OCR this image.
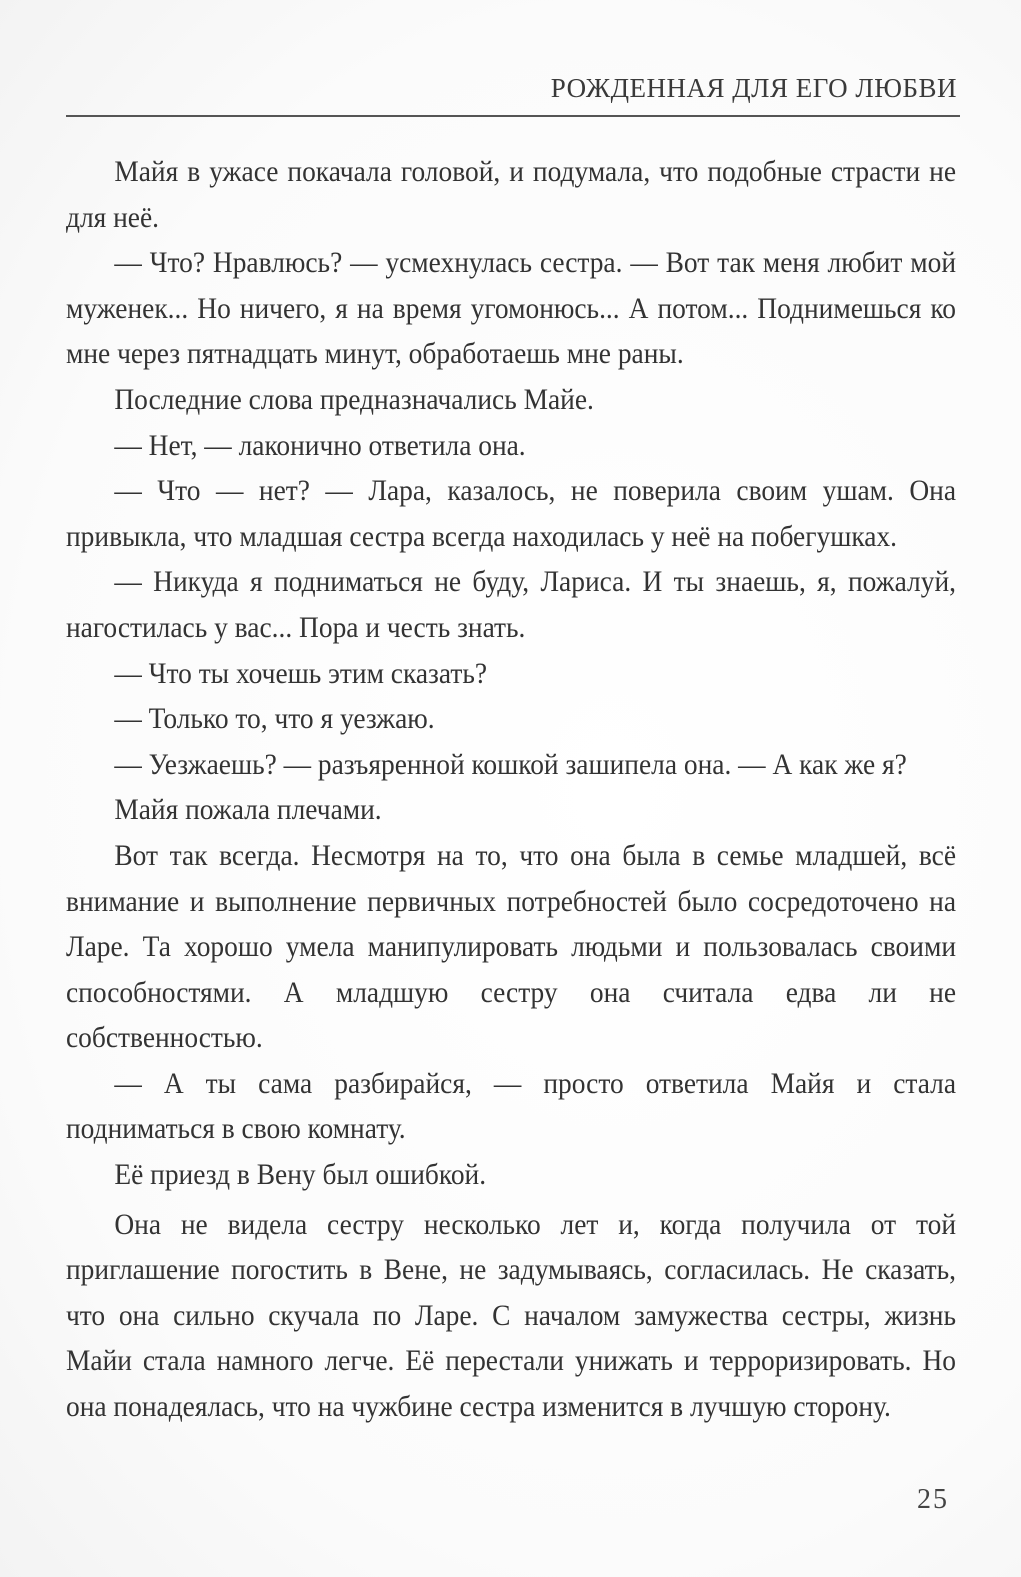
РОЖДЕННАЯ ДЛЯ ЕГО ЛЮБВИ

Майя в ужасе покачала головой, и подумала, что подобные страсти не для неё.

— Что? Нравлюсь? — усмехнулась сестра. — Вот так меня любит мой муженек... Но ничего, я на время угомонюсь... А потом... Поднимешься ко мне через пятнадцать минут, обработаешь мне раны.

Последние слова предназначались Майе.

— Нет, — лаконично ответила она.

— Что — нет? — Лара, казалось, не поверила своим ушам. Она привыкла, что младшая сестра всегда находилась у неё на побегушках.

— Никуда я подниматься не буду, Лариса. И ты знаешь, я, пожалуй, нагостилась у вас... Пора и честь знать.

— Что ты хочешь этим сказать?

— Только то, что я уезжаю.

— Уезжаешь? — разъяренной кошкой зашипела она. — А как же я?

Майя пожала плечами.

Вот так всегда. Несмотря на то, что она была в семье младшей, всё внимание и выполнение первичных потребностей было сосредоточено на Ларе. Та хорошо умела манипулировать людьми и пользовалась своими способностями. А младшую сестру она считала едва ли не собственностью.

— А ты сама разбирайся, — просто ответила Майя и стала подниматься в свою комнату.

Её приезд в Вену был ошибкой.

Она не видела сестру несколько лет и, когда получила от той приглашение погостить в Вене, не задумываясь, согласилась. Не сказать, что она сильно скучала по Ларе. С началом замужества сестры, жизнь Майи стала намного легче. Её перестали унижать и терроризировать. Но она понадеялась, что на чужбине сестра изменится в лучшую сторону.

25
